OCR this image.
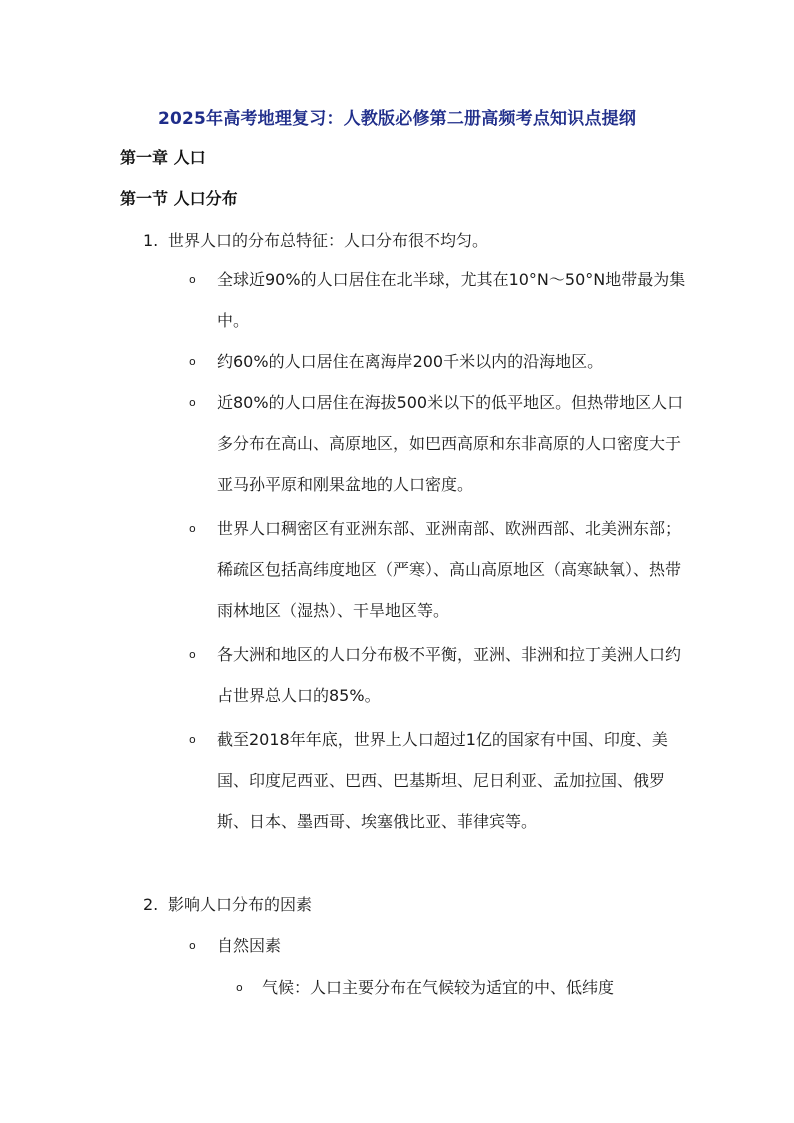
2025年高考地理复习：人教版必修第二册高频考点知识点提纲
第一章 人口
第一节 人口分布
1. 世界人口的分布总特征：人口分布很不均匀。
o	全球近90%的人口居住在北半球，尤其在10°N～50°N地带最为集中。
o	约60%的人口居住在离海岸200千米以内的沿海地区。
o	近80%的人口居住在海拔500米以下的低平地区。但热带地区人口多分布在高山、高原地区，如巴西高原和东非高原的人口密度大于亚马孙平原和刚果盆地的人口密度。
o	世界人口稠密区有亚洲东部、亚洲南部、欧洲西部、北美洲东部；稀疏区包括高纬度地区（严寒）、高山高原地区（高寒缺氧）、热带雨林地区（湿热）、干旱地区等。
o	各大洲和地区的人口分布极不平衡，亚洲、非洲和拉丁美洲人口约占世界总人口的85%。
o	截至2018年年底，世界上人口超过1亿的国家有中国、印度、美国、印度尼西亚、巴西、巴基斯坦、尼日利亚、孟加拉国、俄罗斯、日本、墨西哥、埃塞俄比亚、菲律宾等。
2. 影响人口分布的因素
o	自然因素
o 气候：人口主要分布在气候较为适宜的中、低纬度
